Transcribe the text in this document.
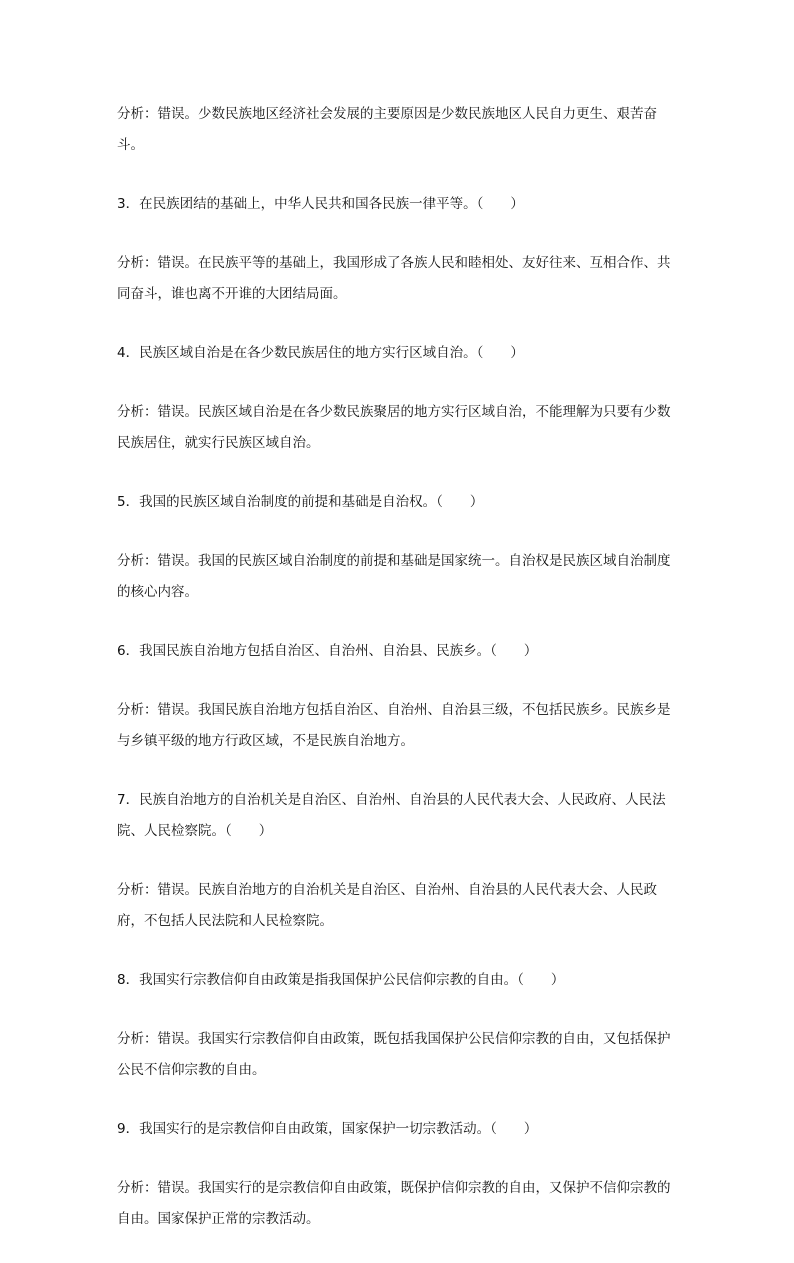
分析：错误。少数民族地区经济社会发展的主要原因是少数民族地区人民自力更生、艰苦奋斗。

3．在民族团结的基础上，中华人民共和国各民族一律平等。（　　）

分析：错误。在民族平等的基础上，我国形成了各族人民和睦相处、友好往来、互相合作、共同奋斗，谁也离不开谁的大团结局面。

4．民族区域自治是在各少数民族居住的地方实行区域自治。（　　）

分析：错误。民族区域自治是在各少数民族聚居的地方实行区域自治，不能理解为只要有少数民族居住，就实行民族区域自治。

5．我国的民族区域自治制度的前提和基础是自治权。（　　）

分析：错误。我国的民族区域自治制度的前提和基础是国家统一。自治权是民族区域自治制度的核心内容。

6．我国民族自治地方包括自治区、自治州、自治县、民族乡。（　　）

分析：错误。我国民族自治地方包括自治区、自治州、自治县三级，不包括民族乡。民族乡是与乡镇平级的地方行政区域，不是民族自治地方。

7．民族自治地方的自治机关是自治区、自治州、自治县的人民代表大会、人民政府、人民法院、人民检察院。（　　）

分析：错误。民族自治地方的自治机关是自治区、自治州、自治县的人民代表大会、人民政府，不包括人民法院和人民检察院。

8．我国实行宗教信仰自由政策是指我国保护公民信仰宗教的自由。（　　）

分析：错误。我国实行宗教信仰自由政策，既包括我国保护公民信仰宗教的自由，又包括保护公民不信仰宗教的自由。

9．我国实行的是宗教信仰自由政策，国家保护一切宗教活动。（　　）

分析：错误。我国实行的是宗教信仰自由政策，既保护信仰宗教的自由，又保护不信仰宗教的自由。国家保护正常的宗教活动。
